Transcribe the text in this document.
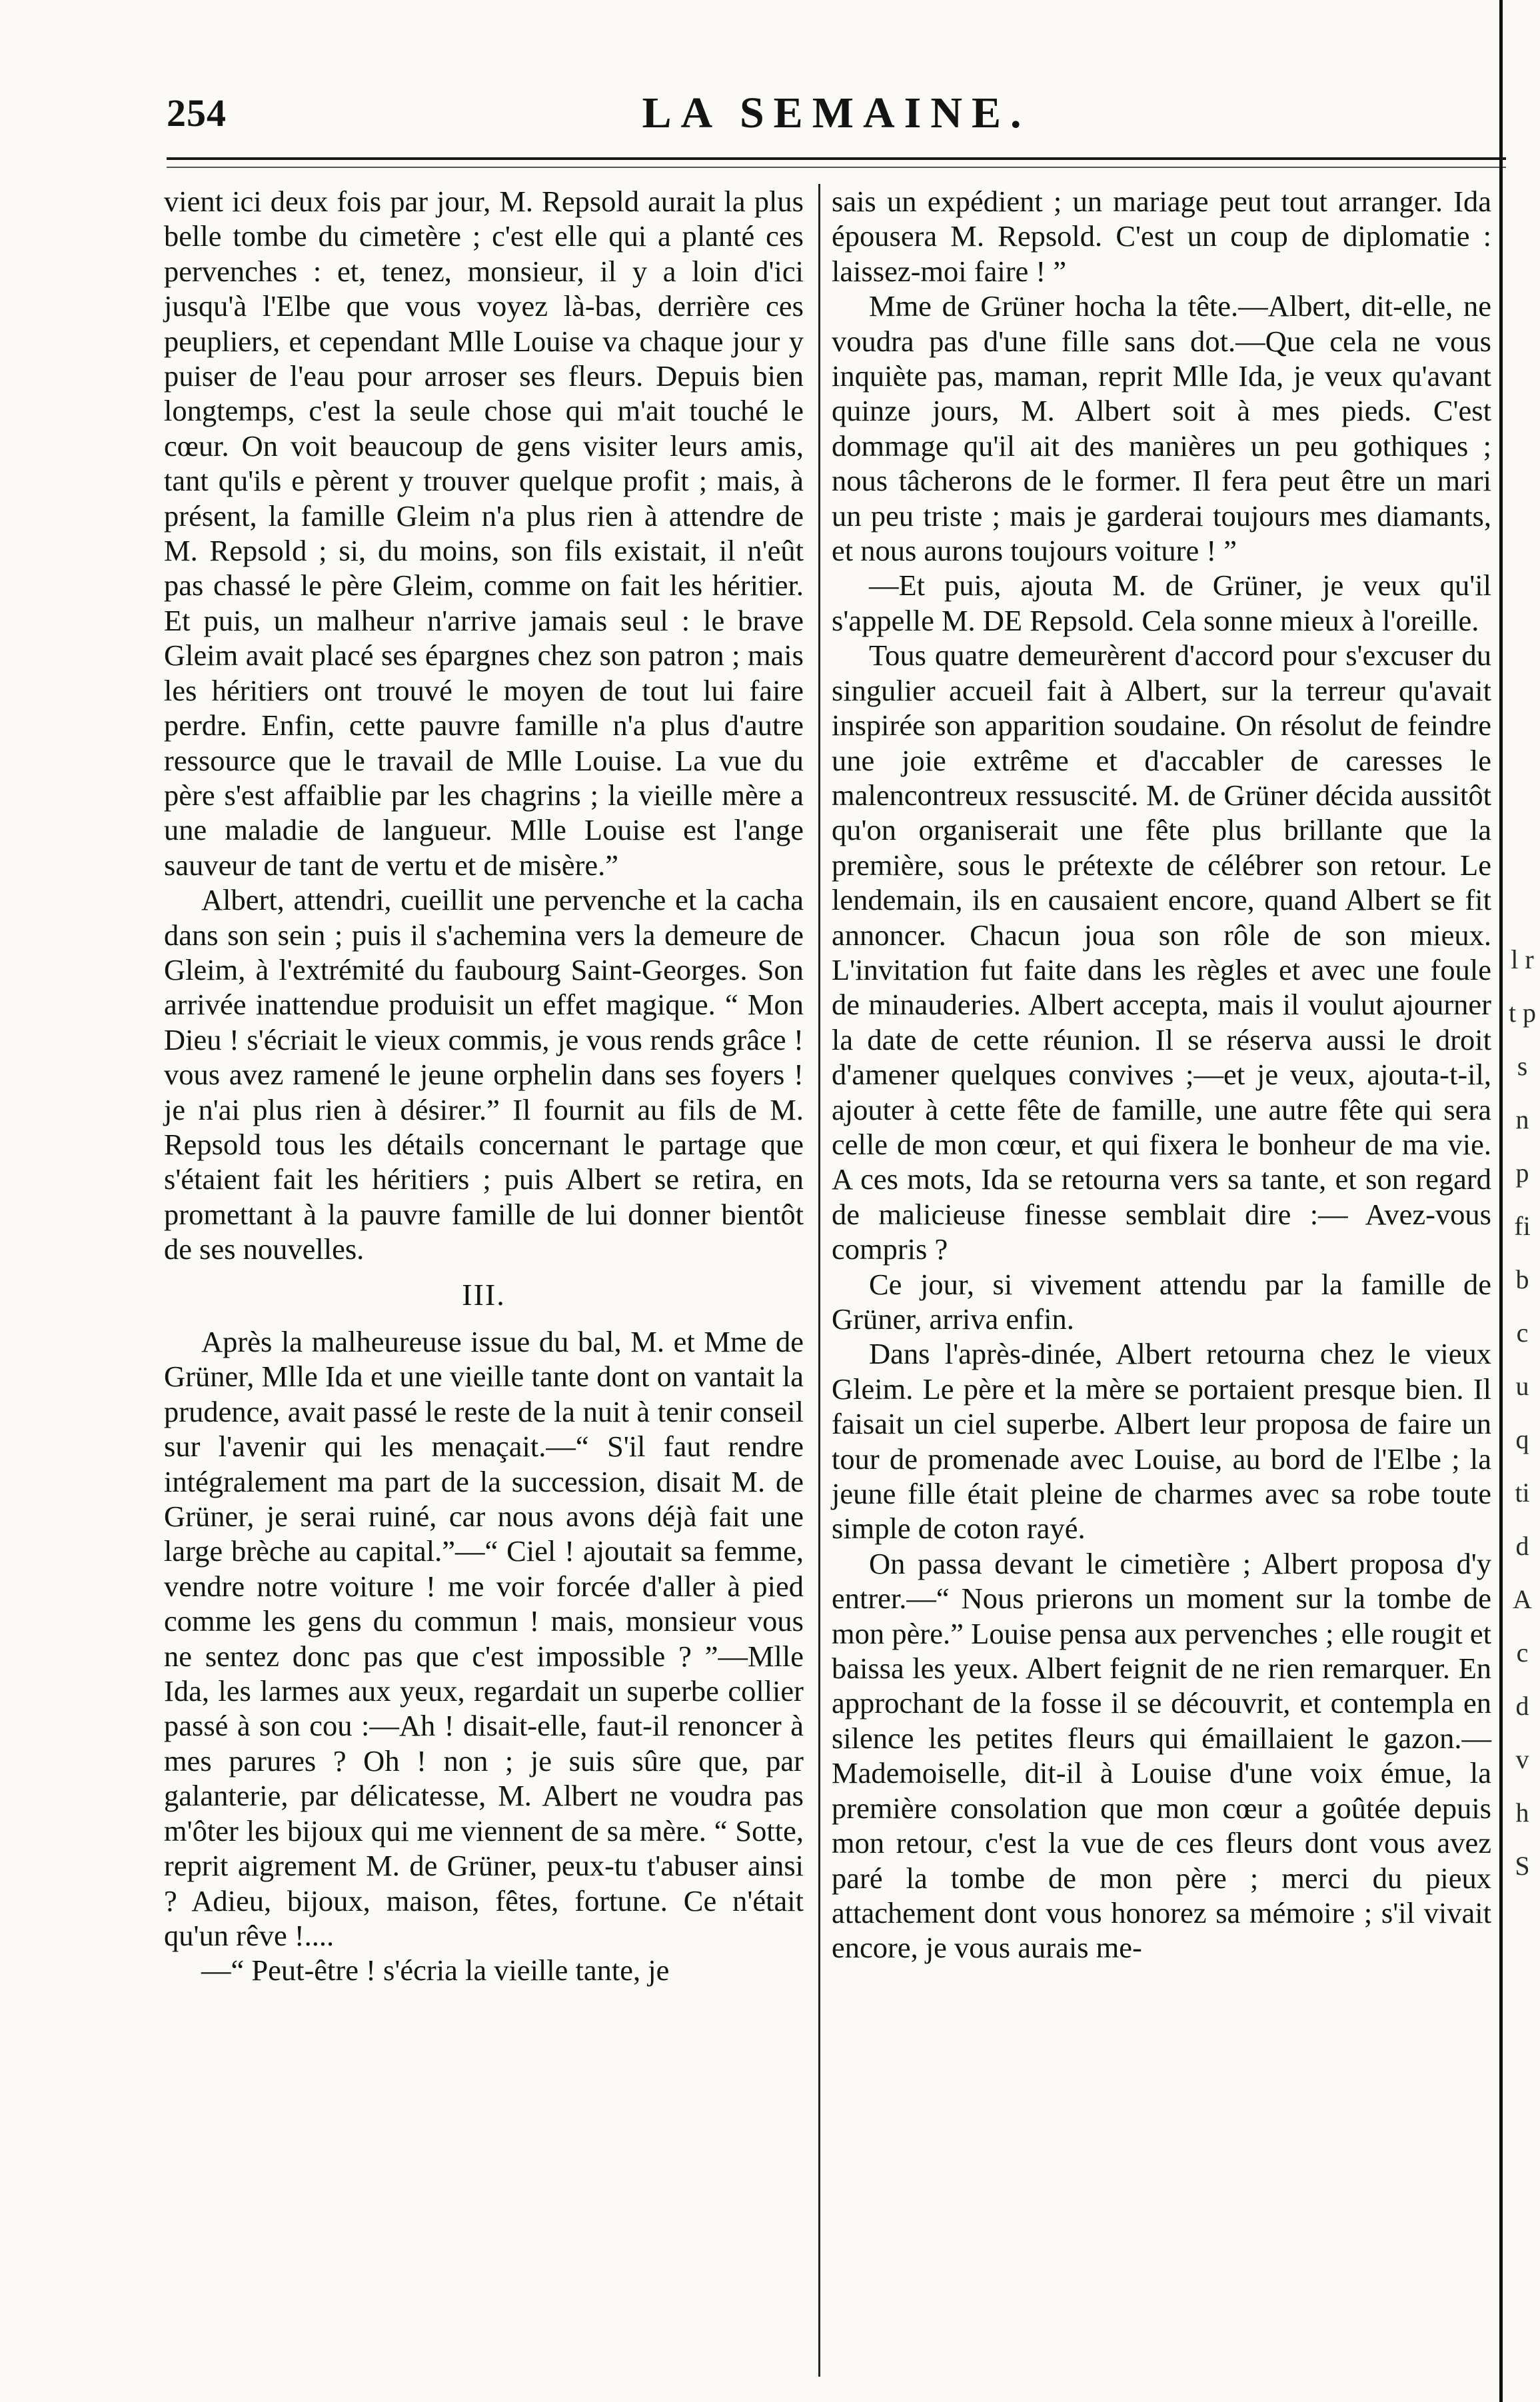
254	LA SEMAINE.

vient ici deux fois par jour, M. Repsold aurait la plus belle tombe du cimetère ; c'est elle qui a planté ces pervenches : et, tenez, monsieur, il y a loin d'ici jusqu'à l'Elbe que vous voyez là-bas, derrière ces peupliers, et cependant Mlle Louise va chaque jour y puiser de l'eau pour arroser ses fleurs. Depuis bien longtemps, c'est la seule chose qui m'ait touché le cœur. On voit beaucoup de gens visiter leurs amis, tant qu'ils e pèrent y trouver quelque profit ; mais, à présent, la famille Gleim n'a plus rien à attendre de M. Repsold ; si, du moins, son fils existait, il n'eût pas chassé le père Gleim, comme on fait les héritier. Et puis, un malheur n'arrive jamais seul : le brave Gleim avait placé ses épargnes chez son patron ; mais les héritiers ont trouvé le moyen de tout lui faire perdre. Enfin, cette pauvre famille n'a plus d'autre ressource que le travail de Mlle Louise. La vue du père s'est affaiblie par les chagrins ; la vieille mère a une maladie de langueur. Mlle Louise est l'ange sauveur de tant de vertu et de misère.”

Albert, attendri, cueillit une pervenche et la cacha dans son sein ; puis il s'achemina vers la demeure de Gleim, à l'extrémité du faubourg Saint-Georges. Son arrivée inattendue produisit un effet magique. “ Mon Dieu ! s'écriait le vieux commis, je vous rends grâce ! vous avez ramené le jeune orphelin dans ses foyers ! je n'ai plus rien à désirer.” Il fournit au fils de M. Repsold tous les détails concernant le partage que s'étaient fait les héritiers ; puis Albert se retira, en promettant à la pauvre famille de lui donner bientôt de ses nouvelles.

III.

Après la malheureuse issue du bal, M. et Mme de Grüner, Mlle Ida et une vieille tante dont on vantait la prudence, avait passé le reste de la nuit à tenir conseil sur l'avenir qui les menaçait.—“ S'il faut rendre intégralement ma part de la succession, disait M. de Grüner, je serai ruiné, car nous avons déjà fait une large brèche au capital.”—“ Ciel ! ajoutait sa femme, vendre notre voiture ! me voir forcée d'aller à pied comme les gens du commun ! mais, monsieur vous ne sentez donc pas que c'est impossible ? ”—Mlle Ida, les larmes aux yeux, regardait un superbe collier passé à son cou :—Ah ! disait-elle, faut-il renoncer à mes parures ? Oh ! non ; je suis sûre que, par galanterie, par délicatesse, M. Albert ne voudra pas m'ôter les bijoux qui me viennent de sa mère. “ Sotte, reprit aigrement M. de Grüner, peux-tu t'abuser ainsi ? Adieu, bijoux, maison, fêtes, fortune. Ce n'était qu'un rêve !....

—“ Peut-être ! s'écria la vieille tante, je

sais un expédient ; un mariage peut tout arranger. Ida épousera M. Repsold. C'est un coup de diplomatie : laissez-moi faire ! ”

Mme de Grüner hocha la tête.—Albert, dit-elle, ne voudra pas d'une fille sans dot.—Que cela ne vous inquiète pas, maman, reprit Mlle Ida, je veux qu'avant quinze jours, M. Albert soit à mes pieds. C'est dommage qu'il ait des manières un peu gothiques ; nous tâcherons de le former. Il fera peut être un mari un peu triste ; mais je garderai toujours mes diamants, et nous aurons toujours voiture ! ”

—Et puis, ajouta M. de Grüner, je veux qu'il s'appelle M. DE Repsold. Cela sonne mieux à l'oreille.

Tous quatre demeurèrent d'accord pour s'excuser du singulier accueil fait à Albert, sur la terreur qu'avait inspirée son apparition soudaine. On résolut de feindre une joie extrême et d'accabler de caresses le malencontreux ressuscité. M. de Grüner décida aussitôt qu'on organiserait une fête plus brillante que la première, sous le prétexte de célébrer son retour. Le lendemain, ils en causaient encore, quand Albert se fit annoncer. Chacun joua son rôle de son mieux. L'invitation fut faite dans les règles et avec une foule de minauderies. Albert accepta, mais il voulut ajourner la date de cette réunion. Il se réserva aussi le droit d'amener quelques convives ;—et je veux, ajouta-t-il, ajouter à cette fête de famille, une autre fête qui sera celle de mon cœur, et qui fixera le bonheur de ma vie. A ces mots, Ida se retourna vers sa tante, et son regard de malicieuse finesse semblait dire :— Avez-vous compris ?

Ce jour, si vivement attendu par la famille de Grüner, arriva enfin.

Dans l'après-dinée, Albert retourna chez le vieux Gleim. Le père et la mère se portaient presque bien. Il faisait un ciel superbe. Albert leur proposa de faire un tour de promenade avec Louise, au bord de l'Elbe ; la jeune fille était pleine de charmes avec sa robe toute simple de coton rayé.

On passa devant le cimetière ; Albert proposa d'y entrer.—“ Nous prierons un moment sur la tombe de mon père.” Louise pensa aux pervenches ; elle rougit et baissa les yeux. Albert feignit de ne rien remarquer. En approchant de la fosse il se découvrit, et contempla en silence les petites fleurs qui émaillaient le gazon.—Mademoiselle, dit-il à Louise d'une voix émue, la première consolation que mon cœur a goûtée depuis mon retour, c'est la vue de ces fleurs dont vous avez paré la tombe de mon père ; merci du pieux attachement dont vous honorez sa mémoire ; s'il vivait encore, je vous aurais me-

l r t p s n p fi b c u q ti d A c d v h S
